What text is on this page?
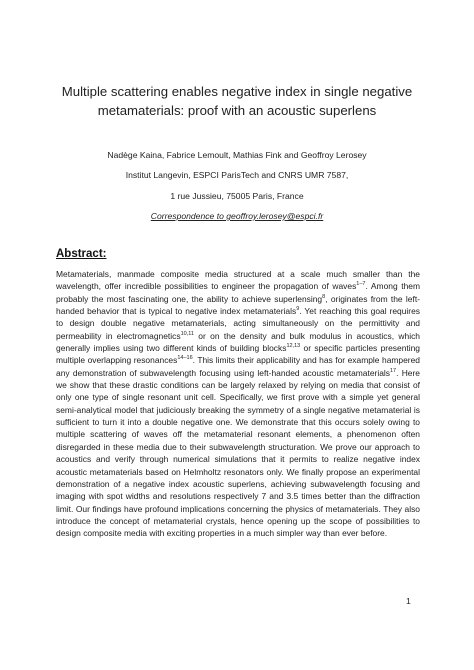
Multiple scattering enables negative index in single negative metamaterials: proof with an acoustic superlens
Nadège Kaina, Fabrice Lemoult, Mathias Fink and Geoffroy Lerosey
Institut Langevin, ESPCI ParisTech and CNRS UMR 7587,
1 rue Jussieu, 75005 Paris, France
Correspondence to geoffroy.lerosey@espci.fr
Abstract:
Metamaterials, manmade composite media structured at a scale much smaller than the wavelength, offer incredible possibilities to engineer the propagation of waves$^{1-7}$. Among them probably the most fascinating one, the ability to achieve superlensing$^8$, originates from the left-handed behavior that is typical to negative index metamaterials$^9$. Yet reaching this goal requires to design double negative metamaterials, acting simultaneously on the permittivity and permeability in electromagnetics$^{10,11}$ or on the density and bulk modulus in acoustics, which generally implies using two different kinds of building blocks$^{12,13}$ or specific particles presenting multiple overlapping resonances$^{14-16}$. This limits their applicability and has for example hampered any demonstration of subwavelength focusing using left-handed acoustic metamaterials$^{17}$. Here we show that these drastic conditions can be largely relaxed by relying on media that consist of only one type of single resonant unit cell. Specifically, we first prove with a simple yet general semi-analytical model that judiciously breaking the symmetry of a single negative metamaterial is sufficient to turn it into a double negative one. We demonstrate that this occurs solely owing to multiple scattering of waves off the metamaterial resonant elements, a phenomenon often disregarded in these media due to their subwavelength structuration. We prove our approach to acoustics and verify through numerical simulations that it permits to realize negative index acoustic metamaterials based on Helmholtz resonators only. We finally propose an experimental demonstration of a negative index acoustic superlens, achieving subwavelength focusing and imaging with spot widths and resolutions respectively 7 and 3.5 times better than the diffraction limit. Our findings have profound implications concerning the physics of metamaterials. They also introduce the concept of metamaterial crystals, hence opening up the scope of possibilities to design composite media with exciting properties in a much simpler way than ever before.
1
